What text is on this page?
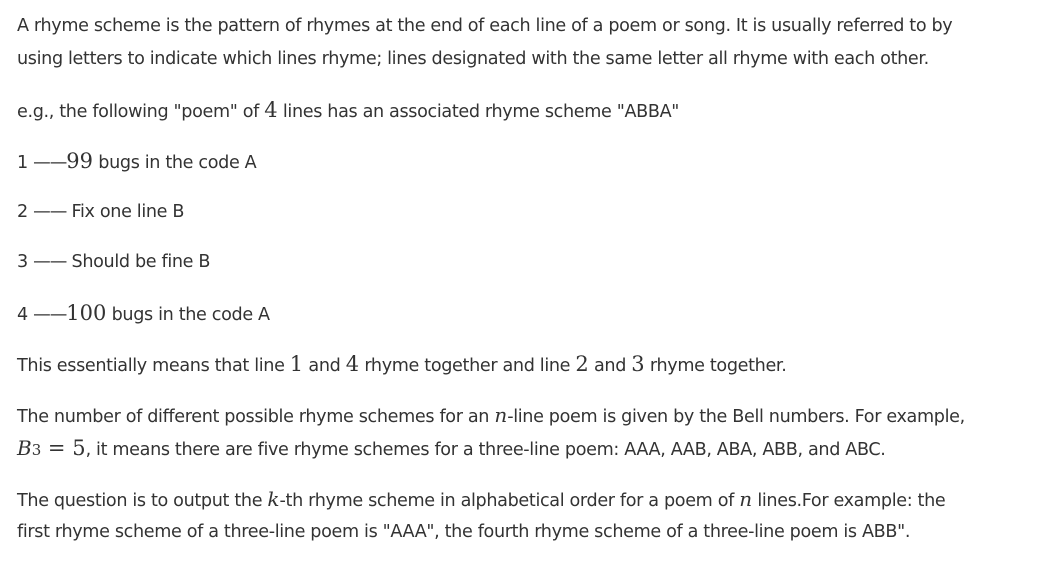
A rhyme scheme is the pattern of rhymes at the end of each line of a poem or song. It is usually referred to by

using letters to indicate which lines rhyme; lines designated with the same letter all rhyme with each other.

e.g., the following "poem" of 4 lines has an associated rhyme scheme "ABBA"

1 ——99 bugs in the code A

2 —— Fix one line B

3 —— Should be fine B

4 ——100 bugs in the code A

This essentially means that line 1 and 4 rhyme together and line 2 and 3 rhyme together.

The number of different possible rhyme schemes for an n-line poem is given by the Bell numbers. For example,

B3 = 5, it means there are five rhyme schemes for a three-line poem: AAA, AAB, ABA, ABB, and ABC.

The question is to output the k-th rhyme scheme in alphabetical order for a poem of n lines.For example: the

first rhyme scheme of a three-line poem is "AAA", the fourth rhyme scheme of a three-line poem is ABB".
